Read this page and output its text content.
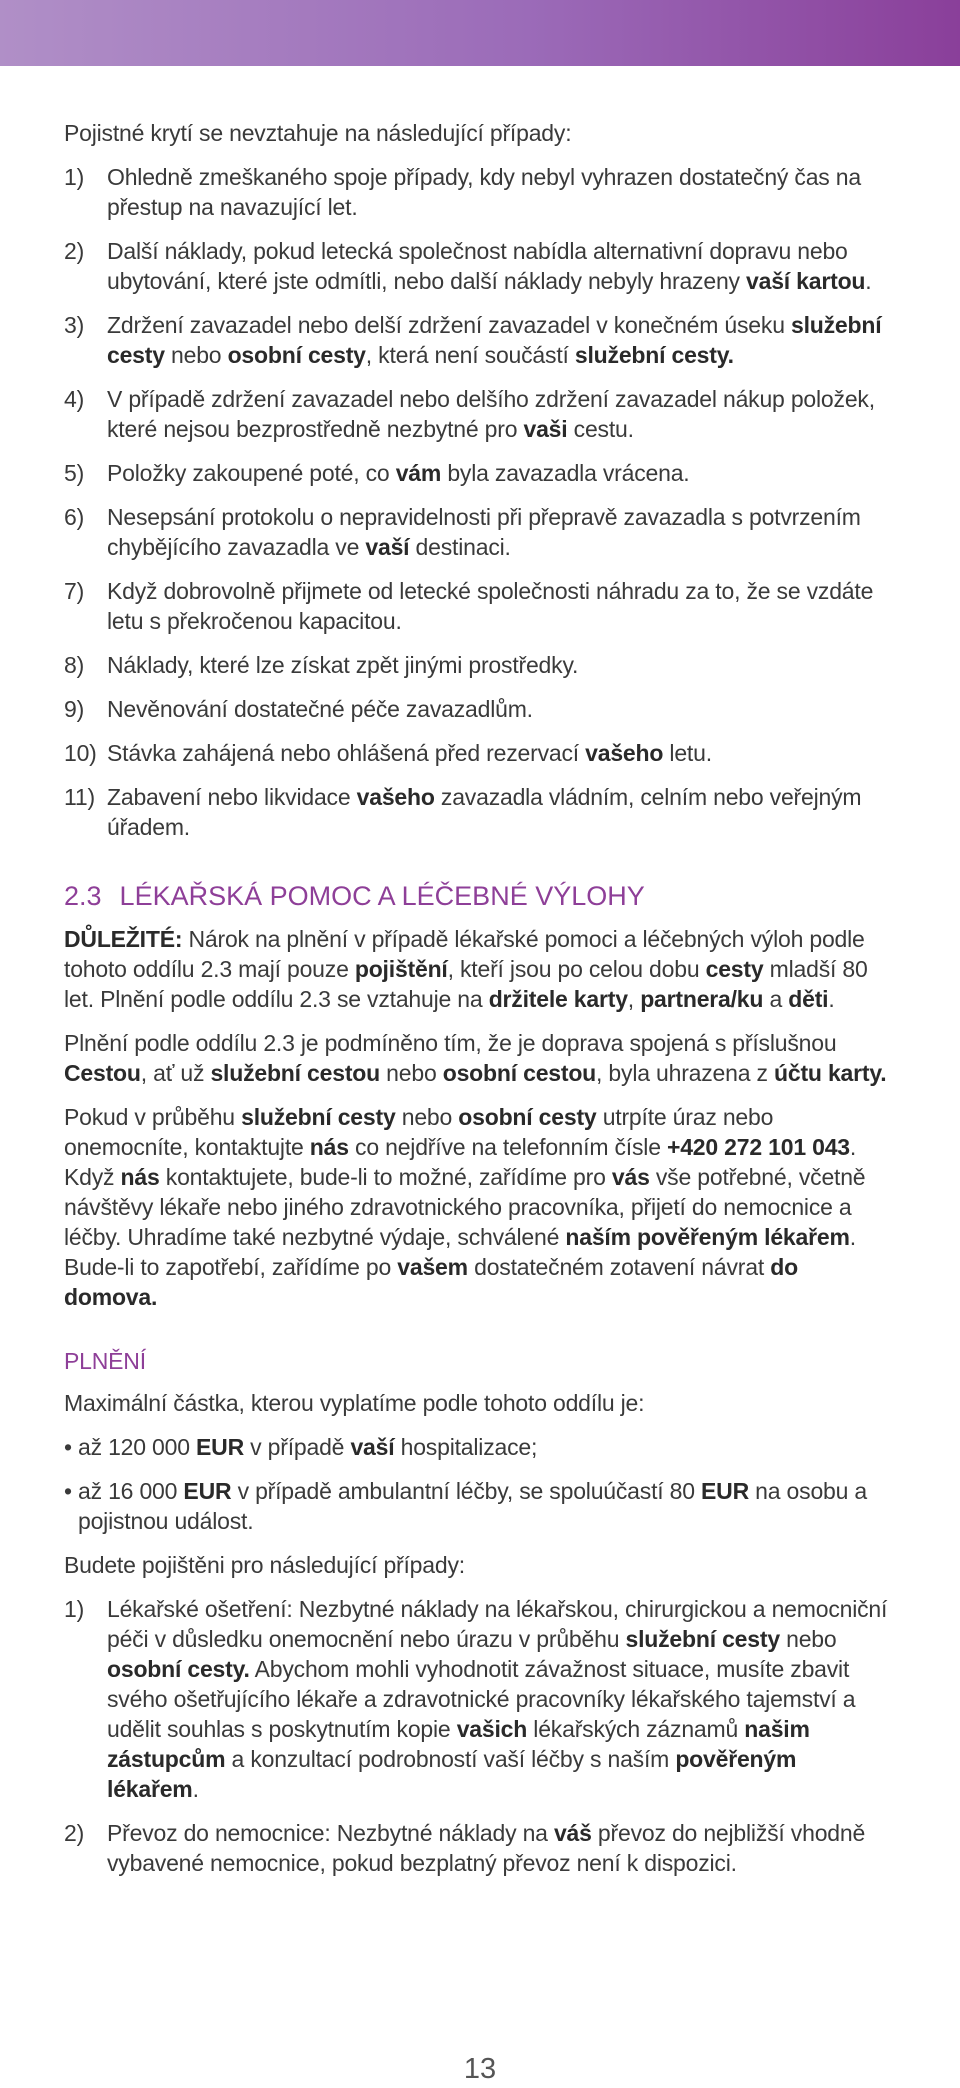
Pojistné krytí se nevztahuje na následující případy:

1) Ohledně zmeškaného spoje případy, kdy nebyl vyhrazen dostatečný čas na přestup na navazující let.
2) Další náklady, pokud letecká společnost nabídla alternativní dopravu nebo ubytování, které jste odmítli, nebo další náklady nebyly hrazeny vaší kartou.
3) Zdržení zavazadel nebo delší zdržení zavazadel v konečném úseku služební cesty nebo osobní cesty, která není součástí služební cesty.
4) V případě zdržení zavazadel nebo delšího zdržení zavazadel nákup položek, které nejsou bezprostředně nezbytné pro vaši cestu.
5) Položky zakoupené poté, co vám byla zavazadla vrácena.
6) Nesepsání protokolu o nepravidelnosti při přepravě zavazadla s potvrzením chybějícího zavazadla ve vaší destinaci.
7) Když dobrovolně přijmete od letecké společnosti náhradu za to, že se vzdáte letu s překročenou kapacitou.
8) Náklady, které lze získat zpět jinými prostředky.
9) Nevěnování dostatečné péče zavazadlům.
10) Stávka zahájená nebo ohlášená před rezervací vašeho letu.
11) Zabavení nebo likvidace vašeho zavazadla vládním, celním nebo veřejným úřadem.
2.3 LÉKAŘSKÁ POMOC A LÉČEBNÉ VÝLOHY

DŮLEŽITÉ: Nárok na plnění v případě lékařské pomoci a léčebných výloh podle tohoto oddílu 2.3 mají pouze pojištění, kteří jsou po celou dobu cesty mladší 80 let. Plnění podle oddílu 2.3 se vztahuje na držitele karty, partnera/ku a děti.

Plnění podle oddílu 2.3 je podmíněno tím, že je doprava spojená s příslušnou Cestou, ať už služební cestou nebo osobní cestou, byla uhrazena z účtu karty.

Pokud v průběhu služební cesty nebo osobní cesty utrpíte úraz nebo onemocníte, kontaktujte nás co nejdříve na telefonním čísle +420 272 101 043. Když nás kontaktujete, bude-li to možné, zařídíme pro vás vše potřebné, včetně návštěvy lékaře nebo jiného zdravotnického pracovníka, přijetí do nemocnice a léčby. Uhradíme také nezbytné výdaje, schválené naším pověřeným lékařem. Bude-li to zapotřebí, zařídíme po vašem dostatečném zotavení návrat do domova.

PLNĚNÍ

Maximální částka, kterou vyplatíme podle tohoto oddílu je:

• až 120 000 EUR v případě vaší hospitalizace;
• až 16 000 EUR v případě ambulantní léčby, se spoluúčastí 80 EUR na osobu a pojistnou událost.

Budete pojištěni pro následující případy:

1) Lékařské ošetření: Nezbytné náklady na lékařskou, chirurgickou a nemocniční péči v důsledku onemocnění nebo úrazu v průběhu služební cesty nebo osobní cesty. Abychom mohli vyhodnotit závažnost situace, musíte zbavit svého ošetřujícího lékaře a zdravotnické pracovníky lékařského tajemství a udělit souhlas s poskytnutím kopie vašich lékařských záznamů našim zástupcům a konzultací podrobností vaší léčby s naším pověřeným lékařem.
2) Převoz do nemocnice: Nezbytné náklady na váš převoz do nejbližší vhodně vybavené nemocnice, pokud bezplatný převoz není k dispozici.
13
